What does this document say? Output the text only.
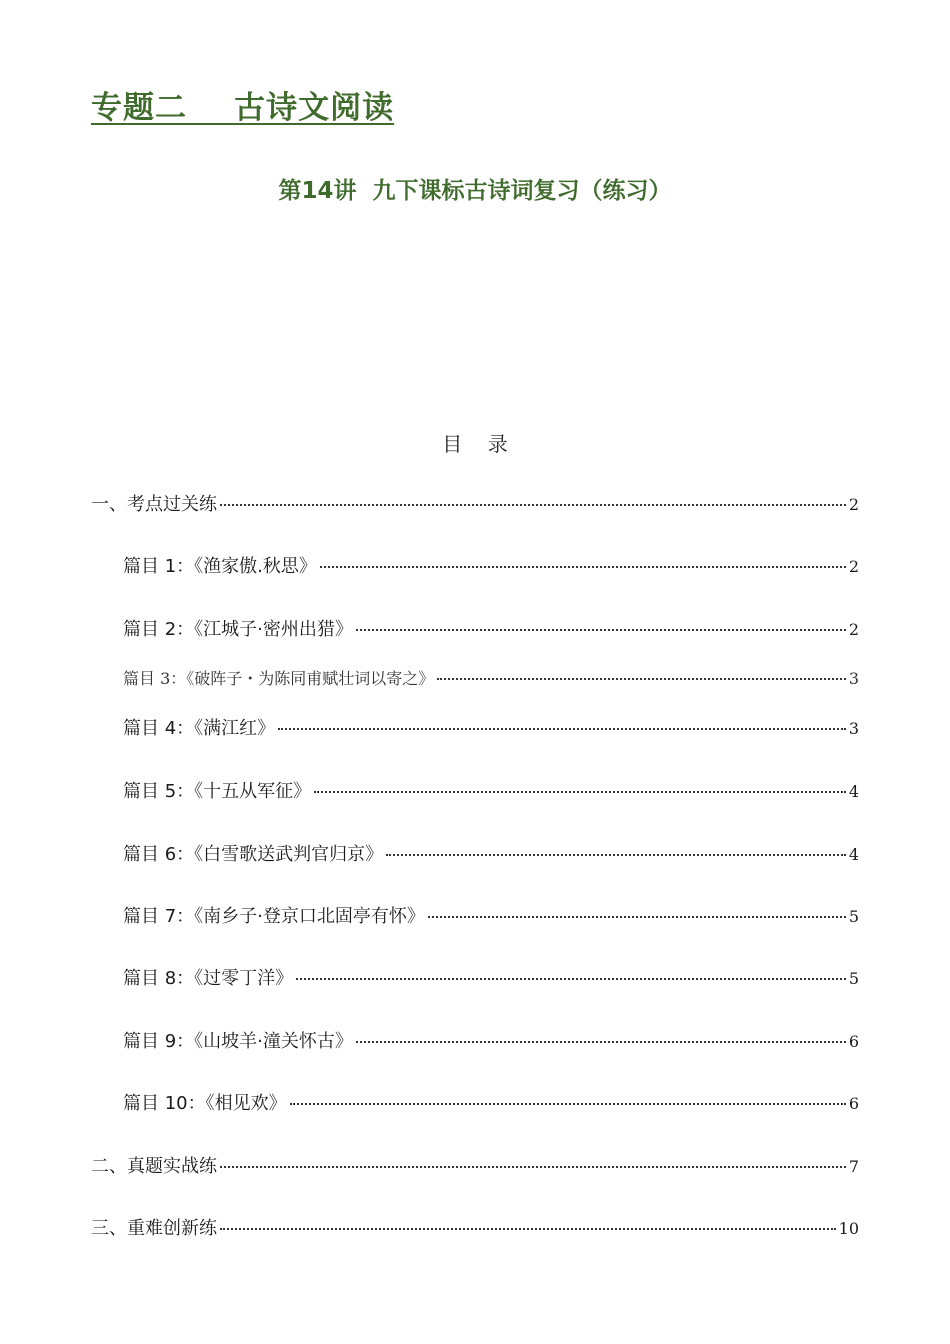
专题二    古诗文阅读
第14讲  九下课标古诗词复习（练习）
目    录
一、考点过关练	2
篇目 1：《渔家傲.秋思》	2
篇目 2：《江城子·密州出猎》	2
篇目 3：《破阵子・为陈同甫赋壮词以寄之》	3
篇目 4：《满江红》	3
篇目 5：《十五从军征》	4
篇目 6：《白雪歌送武判官归京》	4
篇目 7：《南乡子·登京口北固亭有怀》	5
篇目 8：《过零丁洋》	5
篇目 9：《山坡羊·潼关怀古》	6
篇目 10：《相见欢》	6
二、真题实战练	7
三、重难创新练	10
